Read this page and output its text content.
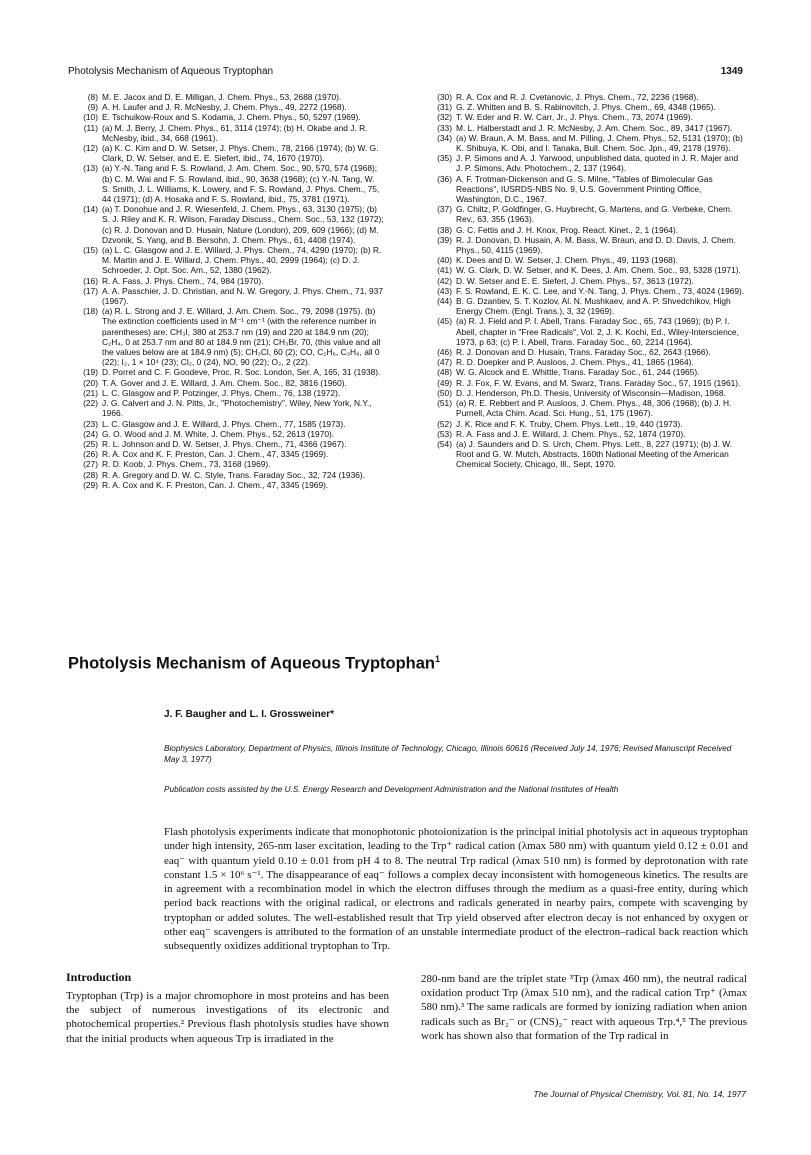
Photolysis Mechanism of Aqueous Tryptophan	1349

(8) M. E. Jacox and D. E. Milligan, J. Chem. Phys., 53, 2688 (1970).

(9) A. H. Laufer and J. R. McNesby, J. Chem. Phys., 49, 2272 (1968).

(10) E. Tschuikow-Roux and S. Kodama, J. Chem. Phys., 50, 5297 (1969).

(11) (a) M. J. Berry, J. Chem. Phys., 61, 3114 (1974); (b) H. Okabe and J. R. McNesby, ibid., 34, 668 (1961).

(12) (a) K. C. Kim and D. W. Setser, J. Phys. Chem., 78, 2166 (1974); (b) W. G. Clark, D. W. Setser, and E. E. Siefert, ibid., 74, 1670 (1970).

(13) (a) Y.-N. Tang and F. S. Rowland, J. Am. Chem. Soc., 90, 570, 574 (1968); (b) C. M. Wai and F. S. Rowland, ibid., 90, 3638 (1968); (c) Y.-N. Tang, W. S. Smith, J. L. Williams, K. Lowery, and F. S. Rowland, J. Phys. Chem., 75, 44 (1971); (d) A. Hosaka and F. S. Rowland, ibid., 75, 3781 (1971).

(14) (a) T. Donohue and J. R. Wiesenfeld, J. Chem. Phys., 63, 3130 (1975); (b) S. J. Riley and K. R. Wilson, Faraday Discuss., Chem. Soc., 53, 132 (1972); (c) R. J. Donovan and D. Husain, Nature (London), 209, 609 (1966); (d) M. Dzvonik, S. Yang, and B. Bersohn, J. Chem. Phys., 61, 4408 (1974).

(15) (a) L. C. Glasgow and J. E. Willard, J. Phys. Chem., 74, 4290 (1970); (b) R. M. Martin and J. E. Willard, J. Chem. Phys., 40, 2999 (1964); (c) D. J. Schroeder, J. Opt. Soc. Am., 52, 1380 (1962).

(16) R. A. Fass, J. Phys. Chem., 74, 984 (1970).

(17) A. A. Passchier, J. D. Christian, and N. W. Gregory, J. Phys. Chem., 71, 937 (1967).

(18) (a) R. L. Strong and J. E. Willard, J. Am. Chem. Soc., 79, 2098 (1975). (b) The extinction coefficients used in M⁻¹ cm⁻¹ (with the reference number in parentheses) are: CH₃I, 380 at 253.7 nm (19) and 220 at 184.9 nm (20); C₂H₄, 0 at 253.7 nm and 80 at 184.9 nm (21); CH₃Br, 70, (this value and all the values below are at 184.9 nm) (5); CH₃Cl, 60 (2); CO, C₂H₆, C₃H₈, all 0 (22); I₂, 1 × 10⁴ (23); Cl₂, 0 (24), NO, 90 (22); O₂, 2 (22).

(19) D. Porret and C. F. Goodeve, Proc. R. Soc. London, Ser. A, 165, 31 (1938).

(20) T. A. Gover and J. E. Willard, J. Am. Chem. Soc., 82, 3816 (1960).

(21) L. C. Glasgow and P. Potzinger, J. Phys. Chem., 76, 138 (1972).

(22) J. G. Calvert and J. N. Pitts, Jr., "Photochemistry", Wiley, New York, N.Y., 1966.

(23) L. C. Glasgow and J. E. Willard, J. Phys. Chem., 77, 1585 (1973).

(24) G. O. Wood and J. M. White, J. Chem. Phys., 52, 2613 (1970).

(25) R. L. Johnson and D. W. Setser, J. Phys. Chem., 71, 4366 (1967).

(26) R. A. Cox and K. F. Preston, Can. J. Chem., 47, 3345 (1969).

(27) R. D. Koob, J. Phys. Chem., 73, 3168 (1969).

(28) R. A. Gregory and D. W. C. Style, Trans. Faraday Soc., 32, 724 (1936).

(29) R. A. Cox and K. F. Preston, Can. J. Chem., 47, 3345 (1969).

(30) R. A. Cox and R. J. Cvetanovic, J. Phys. Chem., 72, 2236 (1968).

(31) G. Z. Whitten and B. S. Rabinovitch, J. Phys. Chem., 69, 4348 (1965).

(32) T. W. Eder and R. W. Carr, Jr., J. Phys. Chem., 73, 2074 (1969).

(33) M. L. Halberstadt and J. R. McNesby, J. Am. Chem. Soc., 89, 3417 (1967).

(34) (a) W. Braun, A. M. Bass, and M. Pilling, J. Chem. Phys., 52, 5131 (1970); (b) K. Shibuya, K. Obi, and I. Tanaka, Bull. Chem. Soc. Jpn., 49, 2178 (1976).

(35) J. P. Simons and A. J. Yarwood, unpublished data, quoted in J. R. Majer and J. P. Simons, Adv. Photochem., 2, 137 (1964).

(36) A. F. Trotman-Dickenson and G. S. Milne, "Tables of Bimolecular Gas Reactions", IUSRDS-NBS No. 9, U.S. Government Printing Office, Washington, D.C., 1967.

(37) G. Chiltz, P. Goldfinger, G. Huybrecht, G. Martens, and G. Verbeke, Chem. Rev., 63, 355 (1963).

(38) G. C. Fettis and J. H. Knox, Prog. React. Kinet., 2, 1 (1964).

(39) R. J. Donovan, D. Husain, A. M. Bass, W. Braun, and D. D. Davis, J. Chem. Phys., 50, 4115 (1969).

(40) K. Dees and D. W. Setser, J. Chem. Phys., 49, 1193 (1968).

(41) W. G. Clark, D. W. Setser, and K. Dees, J. Am. Chem. Soc., 93, 5328 (1971).

(42) D. W. Setser and E. E. Siefert, J. Chem. Phys., 57, 3613 (1972).

(43) F. S. Rowland, E. K. C. Lee, and Y.-N. Tang, J. Phys. Chem., 73, 4024 (1969).

(44) B. G. Dzantiev, S. T. Kozlov, Al. N. Mushkaev, and A. P. Shvedchikov, High Energy Chem. (Engl. Trans.), 3, 32 (1969).

(45) (a) R. J. Field and P. I. Abell, Trans. Faraday Soc., 65, 743 (1969); (b) P. I. Abell, chapter in "Free Radicals", Vol. 2, J. K. Kochi, Ed., Wiley-Interscience, 1973, p 63; (c) P. I. Abell, Trans. Faraday Soc., 60, 2214 (1964).

(46) R. J. Donovan and D. Husain, Trans. Faraday Soc., 62, 2643 (1966).

(47) R. D. Doepker and P. Ausloos, J. Chem. Phys., 41, 1865 (1964).

(48) W. G. Alcock and E. Whittle, Trans. Faraday Soc., 61, 244 (1965).

(49) R. J. Fox, F. W. Evans, and M. Swarz, Trans. Faraday Soc., 57, 1915 (1961).

(50) D. J. Henderson, Ph.D. Thesis, University of Wisconsin—Madison, 1968.

(51) (a) R. E. Rebbert and P. Ausloos, J. Chem. Phys., 48, 306 (1968); (b) J. H. Purnell, Acta Chim. Acad. Sci. Hung., 51, 175 (1967).

(52) J. K. Rice and F. K. Truby, Chem. Phys. Lett., 19, 440 (1973).

(53) R. A. Fass and J. E. Willard, J. Chem. Phys., 52, 1874 (1970).

(54) (a) J. Saunders and D. S. Urch, Chem. Phys. Lett., 8, 227 (1971); (b) J. W. Root and G. W. Mutch, Abstracts, 160th National Meeting of the American Chemical Society, Chicago, Ill., Sept, 1970.

Photolysis Mechanism of Aqueous Tryptophan$^1$
J. F. Baugher and L. I. Grossweiner*
Biophysics Laboratory, Department of Physics, Illinois Institute of Technology, Chicago, Illinois 60616 (Received July 14, 1976; Revised Manuscript Received May 3, 1977)
Publication costs assisted by the U.S. Energy Research and Development Administration and the National Institutes of Health
Flash photolysis experiments indicate that monophotonic photoionization is the principal initial photolysis act in aqueous tryptophan under high intensity, 265-nm laser excitation, leading to the Trp⁺ radical cation (λmax 580 nm) with quantum yield 0.12 ± 0.01 and eaq⁻ with quantum yield 0.10 ± 0.01 from pH 4 to 8. The neutral Trp radical (λmax 510 nm) is formed by deprotonation with rate constant 1.5 × 10⁶ s⁻¹. The disappearance of eaq⁻ follows a complex decay inconsistent with homogeneous kinetics. The results are in agreement with a recombination model in which the electron diffuses through the medium as a quasi-free entity, during which period back reactions with the original radical, or electrons and radicals generated in nearby pairs, compete with scavenging by tryptophan or added solutes. The well-established result that Trp yield observed after electron decay is not enhanced by oxygen or other eaq⁻ scavengers is attributed to the formation of an unstable intermediate product of the electron–radical back reaction which subsequently oxidizes additional tryptophan to Trp.
Introduction
Tryptophan (Trp) is a major chromophore in most proteins and has been the subject of numerous investigations of its electronic and photochemical properties.² Previous flash photolysis studies have shown that the initial products when aqueous Trp is irradiated in the
280-nm band are the triplet state ³Trp (λmax 460 nm), the neutral radical oxidation product Trp (λmax 510 nm), and the radical cation Trp⁺ (λmax 580 nm).³ The same radicals are formed by ionizing radiation when anion radicals such as Br₂⁻ or (CNS)₂⁻ react with aqueous Trp.⁴,⁵ The previous work has shown also that formation of the Trp radical in
The Journal of Physical Chemistry, Vol. 81, No. 14, 1977
